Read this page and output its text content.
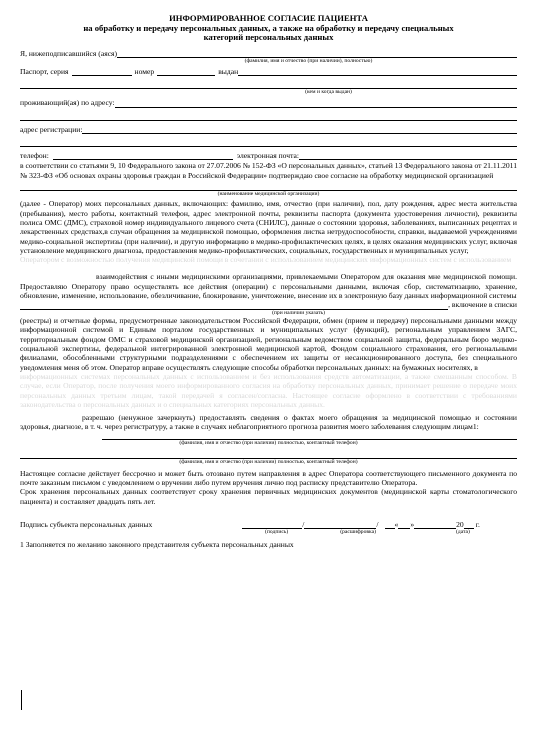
ИНФОРМИРОВАННОЕ СОГЛАСИЕ ПАЦИЕНТА
на обработку и передачу персональных данных, а также на обработку и передачу специальных категорий персональных данных
Я, нижеподписавшийся (аяся)
(фамилия, имя и отчество (при наличии), полностью)
Паспорт, серия	номер	выдан
(кем и когда выдан)
проживающий(ая) по адресу:
адрес регистрации:
телефон:	электронная почта:
в соответствии со статьями 9, 10 Федерального закона от 27.07.2006 № 152-ФЗ «О персональных данных», статьей 13 Федерального закона от 21.11.2011 № 323-ФЗ «Об основах охраны здоровья граждан в Российской Федерации» подтверждаю свое согласие на обработку медицинской организацией
(наименование медицинской организации)
(далее - Оператор) моих персональных данных, включающих: фамилию, имя, отчество (при наличии), пол, дату рождения, адрес места жительства (пребывания), место работы, контактный телефон, адрес электронной почты, реквизиты паспорта (документа удостоверения личности), реквизиты полиса ОМС (ДМС), страховой номер индивидуального лицевого счета (СНИЛС), данные о состоянии здоровья, заболеваниях, выписанных рецептах и лекарственных средствах,в случаи обращения за медицинской помощью, оформления листка нетрудоспособности, справки, выдаваемой учреждениями медико-социальной экспертизы (при наличии), и другую информацию в медико-профилактических целях, в целях оказания медицинских услуг, включая установление медицинского диагноза, предоставления медико-профилактических, социальных, государственных и муниципальных услуг,
Оператором с возможностью получения медицинской помощи в сочетании с использованием медицинских информационных систем с использованием
взаимодействия с иными медицинскими организациями, привлекаемыми Оператором для оказания мне медицинской помощи. Предоставляю Оператору право осуществлять все действия (операции) с персональными данными, включая сбор, систематизацию, хранение, обновление, изменение, использование, обезличивание, блокирование, уничтожение, внесение их в электронную базу данных информационной системы
, включение в списки
(при наличии указать)
(реестры) и отчетные формы, предусмотренные законодательством Российской Федерации, обмен (прием и передачу) персональными данными между информационной системой и Единым порталом государственных и муниципальных услуг (функций), региональным управлением ЗАГС, территориальным фондом ОМС и страховой медицинской организацией, региональным ведомством социальной защиты, федеральным бюро медико-социальной экспертизы, федеральной интегрированной электронной медицинской картой, Фондом социального страхования, его региональными филиалами, обособленными структурными подразделениями с обеспечением их защиты от несанкционированного доступа, без специального уведомления меня об этом. Оператор вправе осуществлять следующие способы обработки персональных данных: на бумажных носителях, в
информационных системах персональных данных с использованием и без использования средств автоматизации, а также смешанным способом. В случае, если Оператор, после получения моего информированного согласия на обработку персональных данных, принимает решение о передаче моих персональных данных третьим лицам, такой передачей я согласен/согласна. Настоящее согласие оформлено в соответствии с требованиями законодательства о персональных данных и о специальных категориях персональных данных.
разрешаю (ненужное зачеркнуть) предоставлять сведения о фактах моего обращения за медицинской помощью и состоянии здоровья, диагнозе, в т. ч. через регистратуру, а также в случаях неблагоприятного прогноза развития моего заболевания следующим лицам1:
(фамилия, имя и отчество (при наличии) полностью, контактный телефон)
(фамилия, имя и отчество (при наличии) полностью, контактный телефон)
Настоящее согласие действует бессрочно и может быть отозвано путем направления в адрес Оператора соответствующего письменного документа по почте заказным письмом с уведомлением о вручении либо путем вручения лично под расписку представителю Оператора.
Срок хранения персональных данных соответствует сроку хранения первичных медицинских документов (медицинской карты стоматологического пациента) и составляет двадцать пять лет.
Подпись субъекта персональных данных	/	/ « »	20 г.
(подпись)	(расшифровка)	(дата)
1 Заполняется по желанию законного представителя субъекта персональных данных
